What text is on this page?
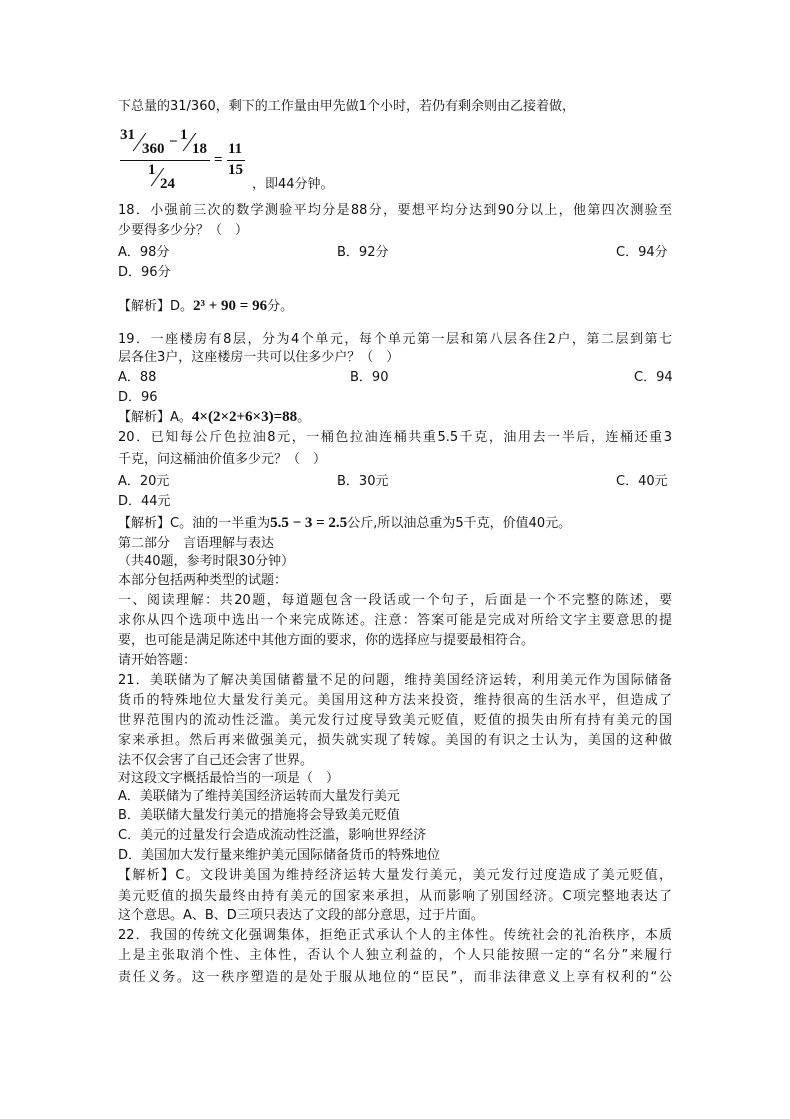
下总量的31/360，剩下的工作量由甲先做1个小时，若仍有剩余则由乙接着做，
31
360 − 1
18
1
24
=
11
15
，即44分钟。
18．小强前三次的数学测验平均分是88分，要想平均分达到90分以上，他第四次测验至
少要得多少分？（　）
A．98分	B．92分	C．94分
D．96分
【解析】D。2³ + 90 = 96分。
19．一座楼房有8层，分为4个单元，每个单元第一层和第八层各住2户，第二层到第七
层各住3户，这座楼房一共可以住多少户？（　）
A．88	B．90	C．94
D．96
【解析】A。4×(2×2+6×3)=88。
20．已知每公斤色拉油8元，一桶色拉油连桶共重5.5千克，油用去一半后，连桶还重3
千克，问这桶油价值多少元？（　）
A．20元	B．30元	C．40元
D．44元
【解析】C。油的一半重为5.5 − 3 = 2.5公斤,所以油总重为5千克，价值40元。
第二部分　言语理解与表达
（共40题，参考时限30分钟）
本部分包括两种类型的试题：
一、阅读理解：共20题，每道题包含一段话或一个句子，后面是一个不完整的陈述，要
求你从四个选项中选出一个来完成陈述。注意：答案可能是完成对所给文字主要意思的提
要，也可能是满足陈述中其他方面的要求，你的选择应与提要最相符合。
请开始答题：
21．美联储为了解决美国储蓄量不足的问题，维持美国经济运转，利用美元作为国际储备
货币的特殊地位大量发行美元。美国用这种方法来投资，维持很高的生活水平，但造成了
世界范围内的流动性泛滥。美元发行过度导致美元贬值，贬值的损失由所有持有美元的国
家来承担。然后再来做强美元，损失就实现了转嫁。美国的有识之士认为，美国的这种做
法不仅会害了自己还会害了世界。
对这段文字概括最恰当的一项是（　）
A．美联储为了维持美国经济运转而大量发行美元
B．美联储大量发行美元的措施将会导致美元贬值
C．美元的过量发行会造成流动性泛滥，影响世界经济
D．美国加大发行量来维护美元国际储备货币的特殊地位
【解析】C。文段讲美国为维持经济运转大量发行美元，美元发行过度造成了美元贬值，
美元贬值的损失最终由持有美元的国家来承担，从而影响了别国经济。C项完整地表达了
这个意思。A、B、D三项只表达了文段的部分意思，过于片面。
22．我国的传统文化强调集体，拒绝正式承认个人的主体性。传统社会的礼治秩序，本质
上是主张取消个性、主体性，否认个人独立利益的，个人只能按照一定的“名分”来履行
责任义务。这一秩序塑造的是处于服从地位的“臣民”，而非法律意义上享有权利的“公
